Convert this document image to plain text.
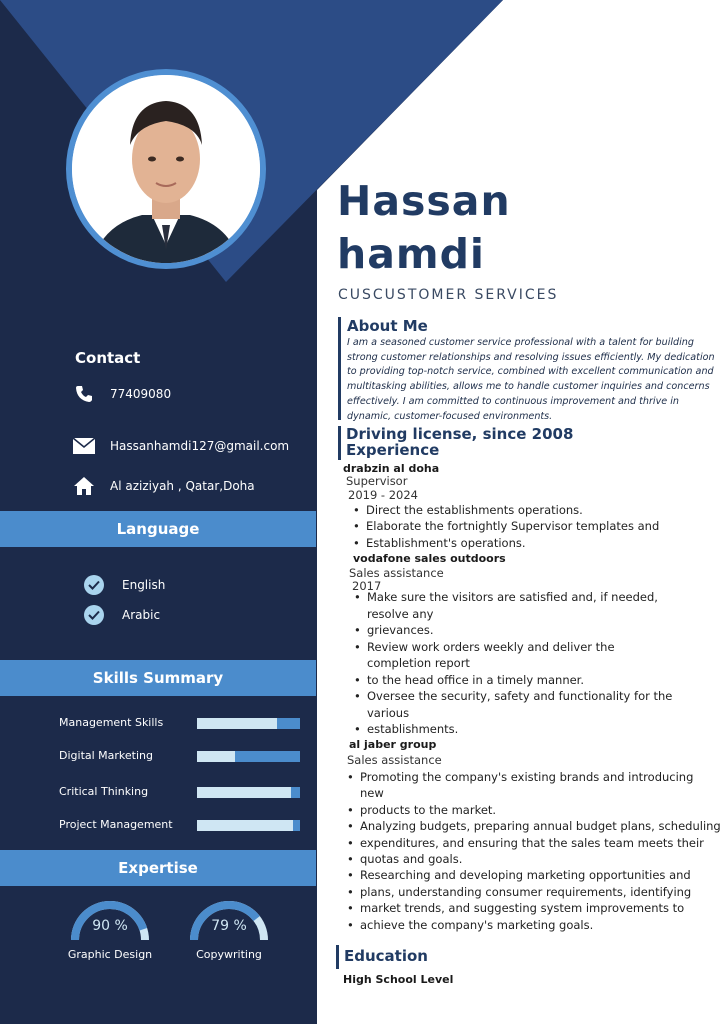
Contact
77409080
Hassanhamdi127@gmail.com
Al aziziyah , Qatar,Doha
Language
English
Arabic
Skills Summary
Management Skills
Digital Marketing
Critical Thinking
Project Management
Expertise
90 %
Graphic Design
79 %
Copywriting
Hassan
hamdi
CUSCUSTOMER SERVICES
About Me
I am a seasoned customer service professional with a talent for building
strong customer relationships and resolving issues efficiently. My dedication
to providing top-notch service, combined with excellent communication and
multitasking abilities, allows me to handle customer inquiries and concerns
effectively. I am committed to continuous improvement and thrive in
dynamic, customer-focused environments.
Driving license, since 2008
Experience
drabzin al doha
Supervisor
2019 - 2024
• Direct the establishments operations.
• Elaborate the fortnightly Supervisor templates and
• Establishment's operations.
vodafone sales outdoors
Sales assistance
2017
• Make sure the visitors are satisfied and, if needed,
resolve any
• grievances.
• Review work orders weekly and deliver the
completion report
• to the head office in a timely manner.
• Oversee the security, safety and functionality for the
various
• establishments.
al jaber group
Sales assistance
• Promoting the company's existing brands and introducing
new
• products to the market.
• Analyzing budgets, preparing annual budget plans, scheduling
• expenditures, and ensuring that the sales team meets their
• quotas and goals.
• Researching and developing marketing opportunities and
• plans, understanding consumer requirements, identifying
• market trends, and suggesting system improvements to
• achieve the company's marketing goals.
Education
High School Level
